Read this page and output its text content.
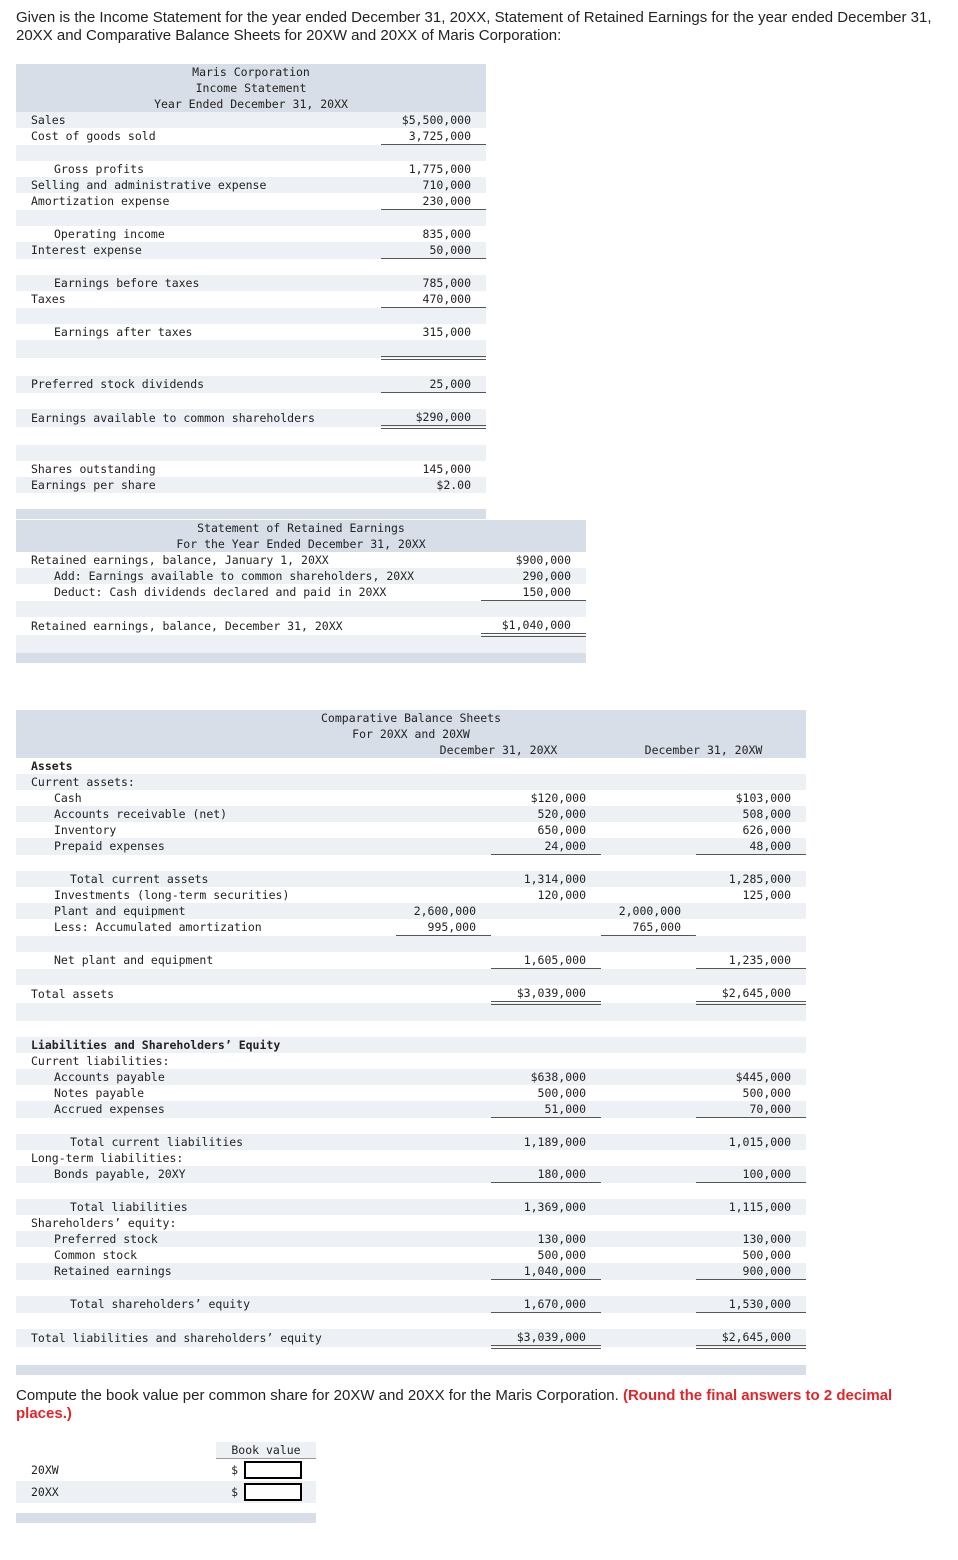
Given is the Income Statement for the year ended December 31, 20XX, Statement of Retained Earnings for the year ended December 31, 20XX and Comparative Balance Sheets for 20XW and 20XX of Maris Corporation:
Maris Corporation	
Income Statement	
Year Ended December 31, 20XX	
Sales	$5,500,000
Cost of goods sold	3,725,000

Gross profits	1,775,000
Selling and administrative expense	710,000
Amortization expense	230,000

Operating income	835,000
Interest expense	50,000

Earnings before taxes	785,000
Taxes	470,000

Earnings after taxes	315,000

Preferred stock dividends	25,000

Earnings available to common shareholders	$290,000

Shares outstanding	145,000
Earnings per share	$2.00

Statement of Retained Earnings	
For the Year Ended December 31, 20XX	
Retained earnings, balance, January 1, 20XX	$900,000
Add: Earnings available to common shareholders, 20XX	290,000
Deduct: Cash dividends declared and paid in 20XX	150,000

Retained earnings, balance, December 31, 20XX	$1,040,000

Comparative Balance Sheets				
For 20XX and 20XW				
	December 31, 20XX		December 31, 20XW	
Assets				
Current assets:				
Cash		$120,000		$103,000
Accounts receivable (net)		520,000		508,000
Inventory		650,000		626,000
Prepaid expenses		24,000		48,000

Total current assets		1,314,000		1,285,000
Investments (long-term securities)		120,000		125,000
Plant and equipment	2,600,000		2,000,000	
Less: Accumulated amortization	995,000		765,000	

Net plant and equipment		1,605,000		1,235,000

Total assets		$3,039,000		$2,645,000

Liabilities and Shareholders’ Equity				
Current liabilities:				
Accounts payable		$638,000		$445,000
Notes payable		500,000		500,000
Accrued expenses		51,000		70,000

Total current liabilities		1,189,000		1,015,000
Long-term liabilities:				
Bonds payable, 20XY		180,000		100,000

Total liabilities		1,369,000		1,115,000
Shareholders’ equity:				
Preferred stock		130,000		130,000
Common stock		500,000		500,000
Retained earnings		1,040,000		900,000

Total shareholders’ equity		1,670,000		1,530,000

Total liabilities and shareholders’ equity		$3,039,000		$2,645,000

Compute the book value per common share for 20XW and 20XX for the Maris Corporation. (Round the final answers to 2 decimal places.)
	Book value	
20XW	$	
20XX	$	
